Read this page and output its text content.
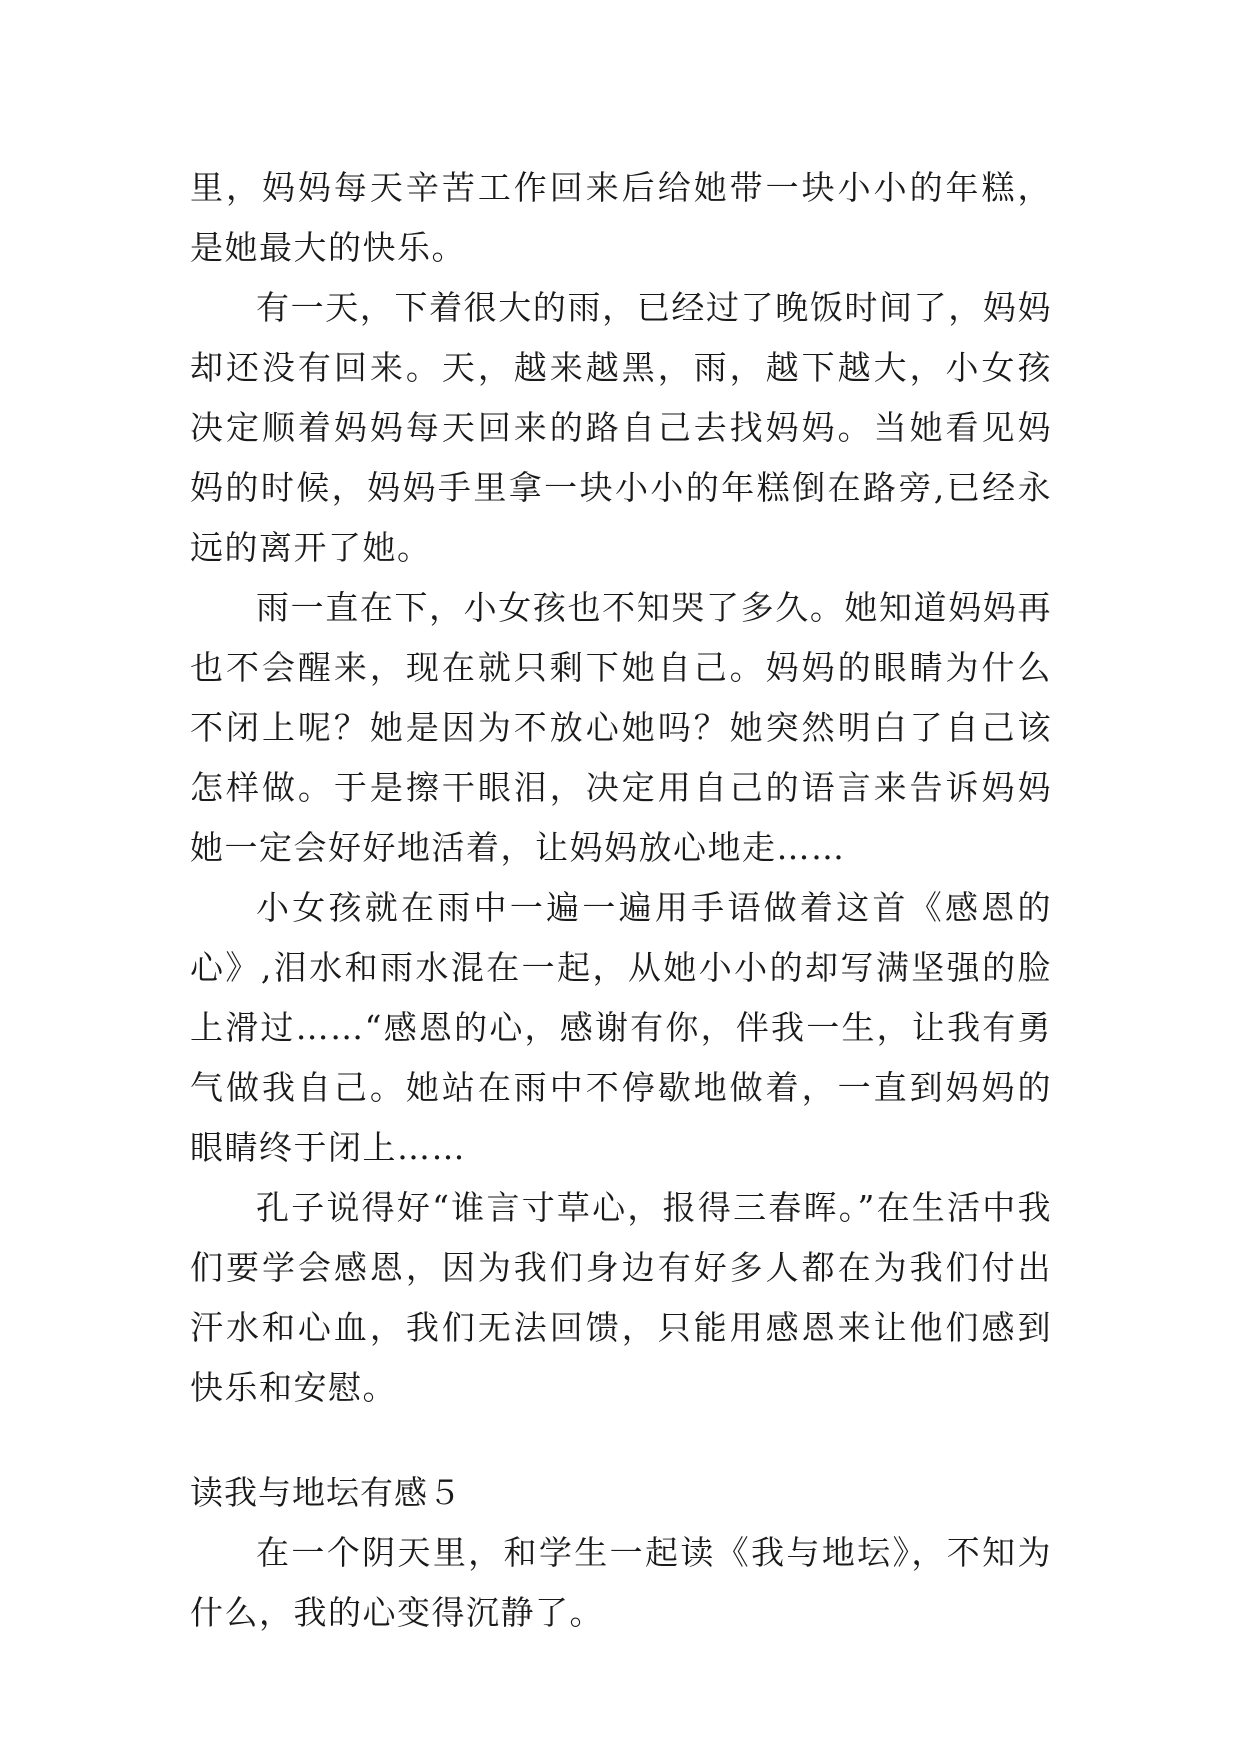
里，妈妈每天辛苦工作回来后给她带一块小小的年糕，是她最大的快乐。

有一天，下着很大的雨，已经过了晚饭时间了，妈妈却还没有回来。天，越来越黑，雨，越下越大，小女孩决定顺着妈妈每天回来的路自己去找妈妈。当她看见妈妈的时候，妈妈手里拿一块小小的年糕倒在路旁,已经永远的离开了她。

雨一直在下，小女孩也不知哭了多久。她知道妈妈再也不会醒来，现在就只剩下她自己。妈妈的眼睛为什么不闭上呢？她是因为不放心她吗？她突然明白了自己该怎样做。于是擦干眼泪，决定用自己的语言来告诉妈妈她一定会好好地活着，让妈妈放心地走……

小女孩就在雨中一遍一遍用手语做着这首《感恩的心》,泪水和雨水混在一起，从她小小的却写满坚强的脸上滑过……“感恩的心，感谢有你，伴我一生，让我有勇气做我自己。她站在雨中不停歇地做着，一直到妈妈的眼睛终于闭上……

孔子说得好“谁言寸草心，报得三春晖。”在生活中我们要学会感恩，因为我们身边有好多人都在为我们付出汗水和心血，我们无法回馈，只能用感恩来让他们感到快乐和安慰。

读我与地坛有感５

在一个阴天里，和学生一起读《我与地坛》，不知为什么，我的心变得沉静了。
